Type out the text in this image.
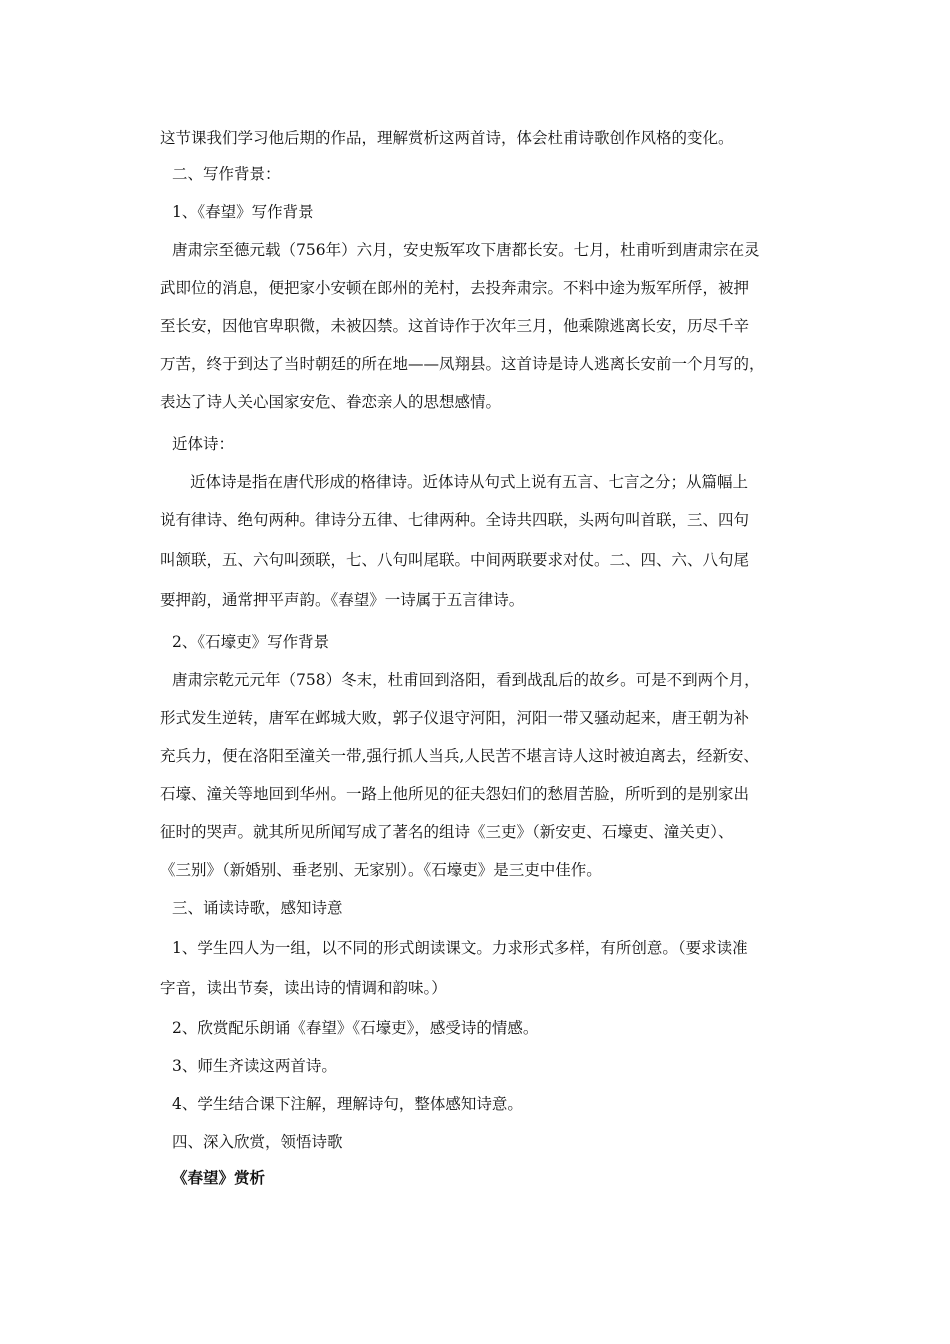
这节课我们学习他后期的作品，理解赏析这两首诗，体会杜甫诗歌创作风格的变化。
二、写作背景：
1、《春望》写作背景
唐肃宗至德元载（756年）六月，安史叛军攻下唐都长安。七月，杜甫听到唐肃宗在灵
武即位的消息，便把家小安顿在郎州的羌村，去投奔肃宗。不料中途为叛军所俘，被押
至长安，因他官卑职微，未被囚禁。这首诗作于次年三月，他乘隙逃离长安，历尽千辛
万苦，终于到达了当时朝廷的所在地——凤翔县。这首诗是诗人逃离长安前一个月写的，
表达了诗人关心国家安危、眷恋亲人的思想感情。
近体诗：
近体诗是指在唐代形成的格律诗。近体诗从句式上说有五言、七言之分；从篇幅上
说有律诗、绝句两种。律诗分五律、七律两种。全诗共四联，头两句叫首联，三、四句
叫颔联，五、六句叫颈联，七、八句叫尾联。中间两联要求对仗。二、四、六、八句尾
要押韵，通常押平声韵。《春望》一诗属于五言律诗。
2、《石壕吏》写作背景
唐肃宗乾元元年（758）冬末，杜甫回到洛阳，看到战乱后的故乡。可是不到两个月，
形式发生逆转，唐军在邺城大败，郭子仪退守河阳，河阳一带又骚动起来，唐王朝为补
充兵力，便在洛阳至潼关一带,强行抓人当兵,人民苦不堪言诗人这时被迫离去，经新安、
石壕、潼关等地回到华州。一路上他所见的征夫怨妇们的愁眉苦脸，所听到的是别家出
征时的哭声。就其所见所闻写成了著名的组诗《三吏》（新安吏、石壕吏、潼关吏）、
《三别》（新婚别、垂老别、无家别）。《石壕吏》是三吏中佳作。
三、诵读诗歌，感知诗意
1、学生四人为一组，以不同的形式朗读课文。力求形式多样，有所创意。（要求读准
字音，读出节奏，读出诗的情调和韵味。）
2、欣赏配乐朗诵《春望》《石壕吏》，感受诗的情感。
3、师生齐读这两首诗。
4、学生结合课下注解，理解诗句，整体感知诗意。
四、深入欣赏，领悟诗歌
《春望》赏析
